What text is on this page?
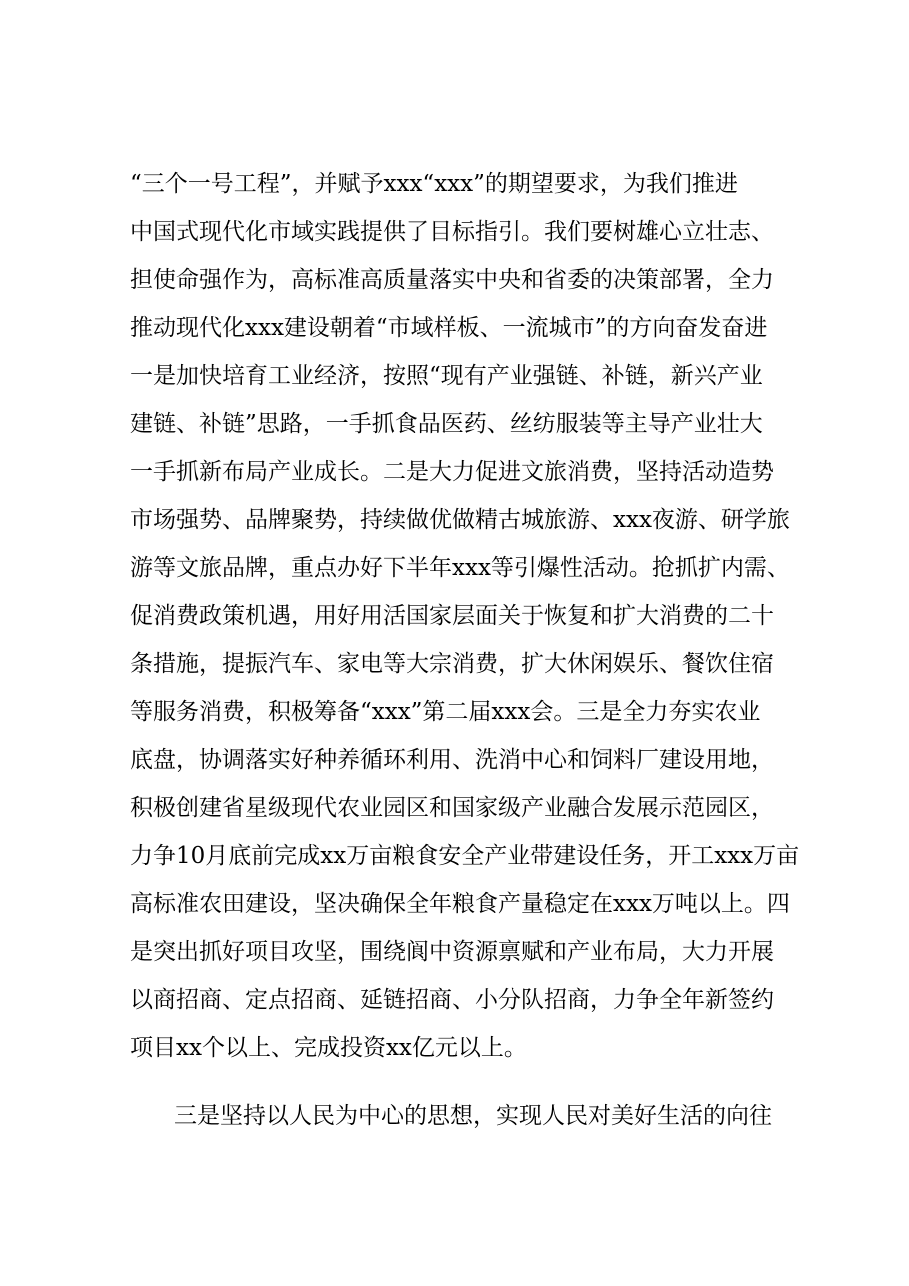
“三个一号工程”，并赋予xxx“xxx”的期望要求，为我们推进
中国式现代化市域实践提供了目标指引。我们要树雄心立壮志、
担使命强作为，高标准高质量落实中央和省委的决策部署，全力
推动现代化xxx建设朝着“市域样板、一流城市”的方向奋发奋进
一是加快培育工业经济，按照“现有产业强链、补链，新兴产业
建链、补链”思路，一手抓食品医药、丝纺服装等主导产业壮大
一手抓新布局产业成长。二是大力促进文旅消费，坚持活动造势
市场强势、品牌聚势，持续做优做精古城旅游、xxx夜游、研学旅
游等文旅品牌，重点办好下半年xxx等引爆性活动。抢抓扩内需、
促消费政策机遇，用好用活国家层面关于恢复和扩大消费的二十
条措施，提振汽车、家电等大宗消费，扩大休闲娱乐、餐饮住宿
等服务消费，积极筹备“xxx”第二届xxx会。三是全力夯实农业
底盘，协调落实好种养循环利用、洗消中心和饲料厂建设用地，
积极创建省星级现代农业园区和国家级产业融合发展示范园区，
力争10月底前完成xx万亩粮食安全产业带建设任务，开工xxx万亩
高标准农田建设，坚决确保全年粮食产量稳定在xxx万吨以上。四
是突出抓好项目攻坚，围绕阆中资源禀赋和产业布局，大力开展
以商招商、定点招商、延链招商、小分队招商，力争全年新签约
项目xx个以上、完成投资xx亿元以上。
三是坚持以人民为中心的思想，实现人民对美好生活的向往
